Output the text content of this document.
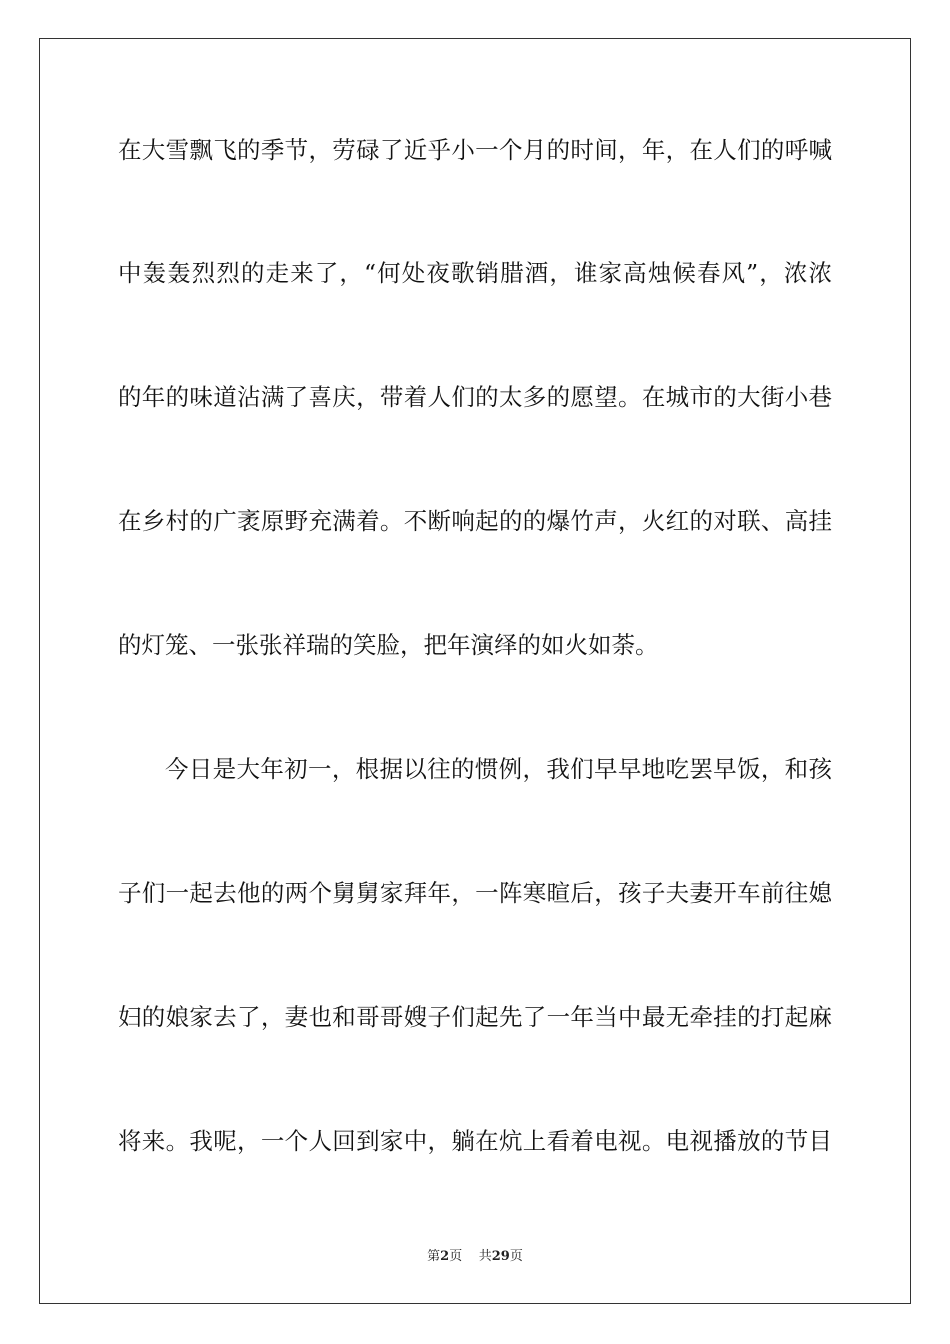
在大雪飘飞的季节，劳碌了近乎小一个月的时间，年，在人们的呼喊
中轰轰烈烈的走来了，“何处夜歌销腊酒，谁家高烛候春风”，浓浓
的年的味道沾满了喜庆，带着人们的太多的愿望。在城市的大街小巷
在乡村的广袤原野充满着。不断响起的的爆竹声，火红的对联、高挂
的灯笼、一张张祥瑞的笑脸，把年演绎的如火如荼。
今日是大年初一，根据以往的惯例，我们早早地吃罢早饭，和孩
子们一起去他的两个舅舅家拜年，一阵寒暄后，孩子夫妻开车前往媳
妇的娘家去了，妻也和哥哥嫂子们起先了一年当中最无牵挂的打起麻
将来。我呢，一个人回到家中，躺在炕上看着电视。电视播放的节目
第2页 共29页
